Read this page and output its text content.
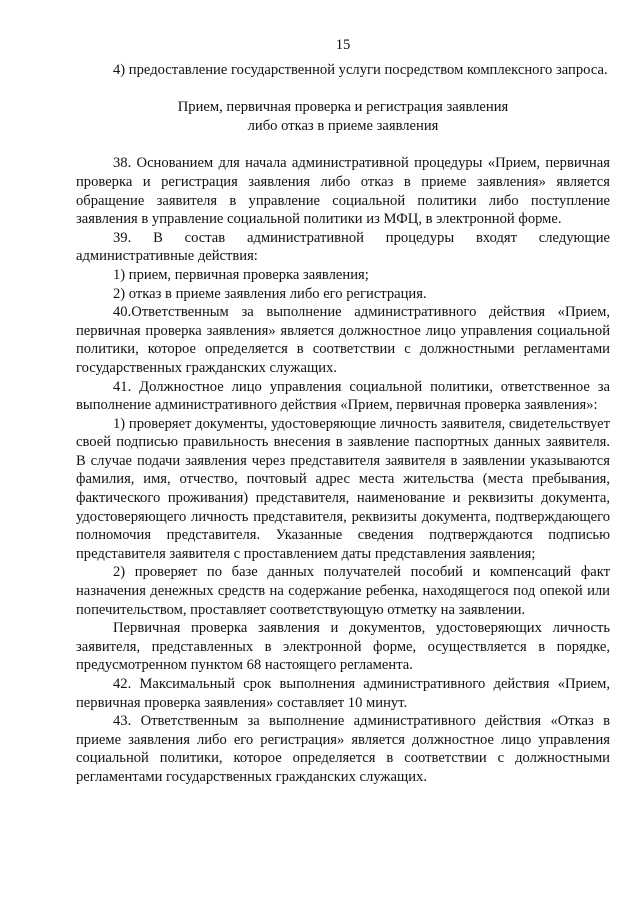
15

4) предоставление государственной услуги посредством комплексного запроса.

Прием, первичная проверка и регистрация заявления

либо отказ в приеме заявления

38. Основанием для начала административной процедуры «Прием, первичная проверка и регистрация заявления либо отказ в приеме заявления» является обращение заявителя в управление социальной политики либо поступление заявления в управление социальной политики из МФЦ, в электронной форме.

39. В состав административной процедуры входят следующие административные действия:

1) прием, первичная проверка заявления;

2) отказ в приеме заявления либо его регистрация.

40.Ответственным за выполнение административного действия «Прием, первичная проверка заявления» является должностное лицо управления социальной политики, которое определяется в соответствии с должностными регламентами государственных гражданских служащих.

41. Должностное лицо управления социальной политики, ответственное за выполнение административного действия «Прием, первичная проверка заявления»:

1) проверяет документы, удостоверяющие личность заявителя, свидетельствует своей подписью правильность внесения в заявление паспортных данных заявителя. В случае подачи заявления через представителя заявителя в заявлении указываются фамилия, имя, отчество, почтовый адрес места жительства (места пребывания, фактического проживания) представителя, наименование и реквизиты документа, удостоверяющего личность представителя, реквизиты документа, подтверждающего полномочия представителя. Указанные сведения подтверждаются подписью представителя заявителя с проставлением даты представления заявления;

2) проверяет по базе данных получателей пособий и компенсаций факт назначения денежных средств на содержание ребенка, находящегося под опекой или попечительством, проставляет соответствующую отметку на заявлении.

Первичная проверка заявления и документов, удостоверяющих личность заявителя, представленных в электронной форме, осуществляется в порядке, предусмотренном пунктом 68 настоящего регламента.

42. Максимальный срок выполнения административного действия «Прием, первичная проверка заявления» составляет 10 минут.

43. Ответственным за выполнение административного действия «Отказ в приеме заявления либо его регистрация» является должностное лицо управления социальной политики, которое определяется в соответствии с должностными регламентами государственных гражданских служащих.
